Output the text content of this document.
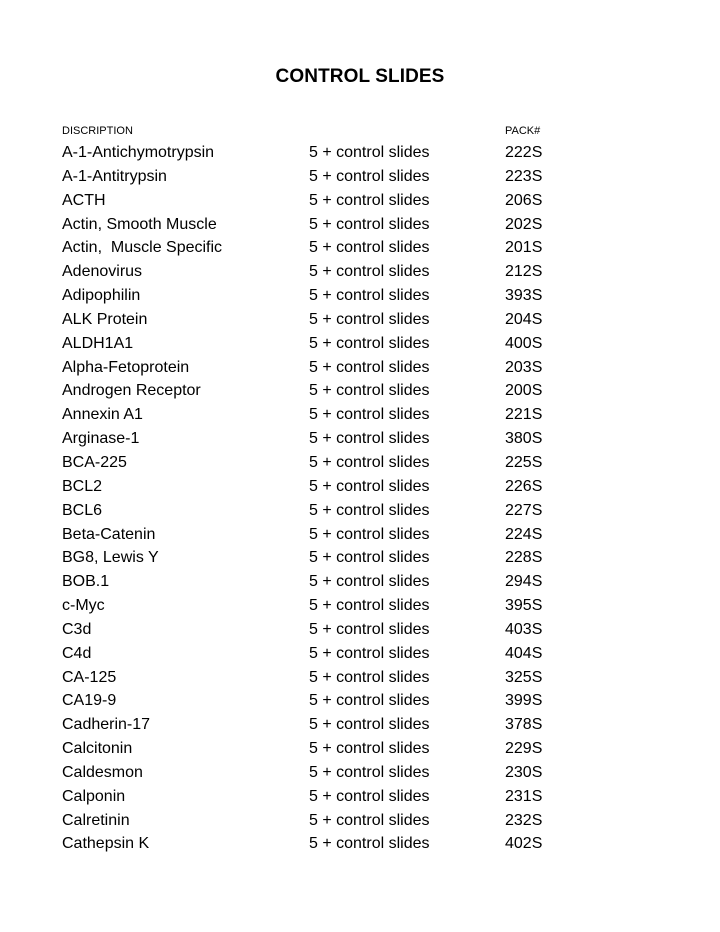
CONTROL SLIDES
DISCRIPTION	PACK#
A-1-Antichymotrypsin	5 + control slides	222S
A-1-Antitrypsin	5 + control slides	223S
ACTH	5 + control slides	206S
Actin, Smooth Muscle	5 + control slides	202S
Actin,  Muscle Specific	5 + control slides	201S
Adenovirus	5 + control slides	212S
Adipophilin	5 + control slides	393S
ALK Protein	5 + control slides	204S
ALDH1A1	5 + control slides	400S
Alpha-Fetoprotein	5 + control slides	203S
Androgen Receptor	5 + control slides	200S
Annexin A1	5 + control slides	221S
Arginase-1	5 + control slides	380S
BCA-225	5 + control slides	225S
BCL2	5 + control slides	226S
BCL6	5 + control slides	227S
Beta-Catenin	5 + control slides	224S
BG8, Lewis Y	5 + control slides	228S
BOB.1	5 + control slides	294S
c-Myc	5 + control slides	395S
C3d	5 + control slides	403S
C4d	5 + control slides	404S
CA-125	5 + control slides	325S
CA19-9	5 + control slides	399S
Cadherin-17	5 + control slides	378S
Calcitonin	5 + control slides	229S
Caldesmon	5 + control slides	230S
Calponin	5 + control slides	231S
Calretinin	5 + control slides	232S
Cathepsin K	5 + control slides	402S
